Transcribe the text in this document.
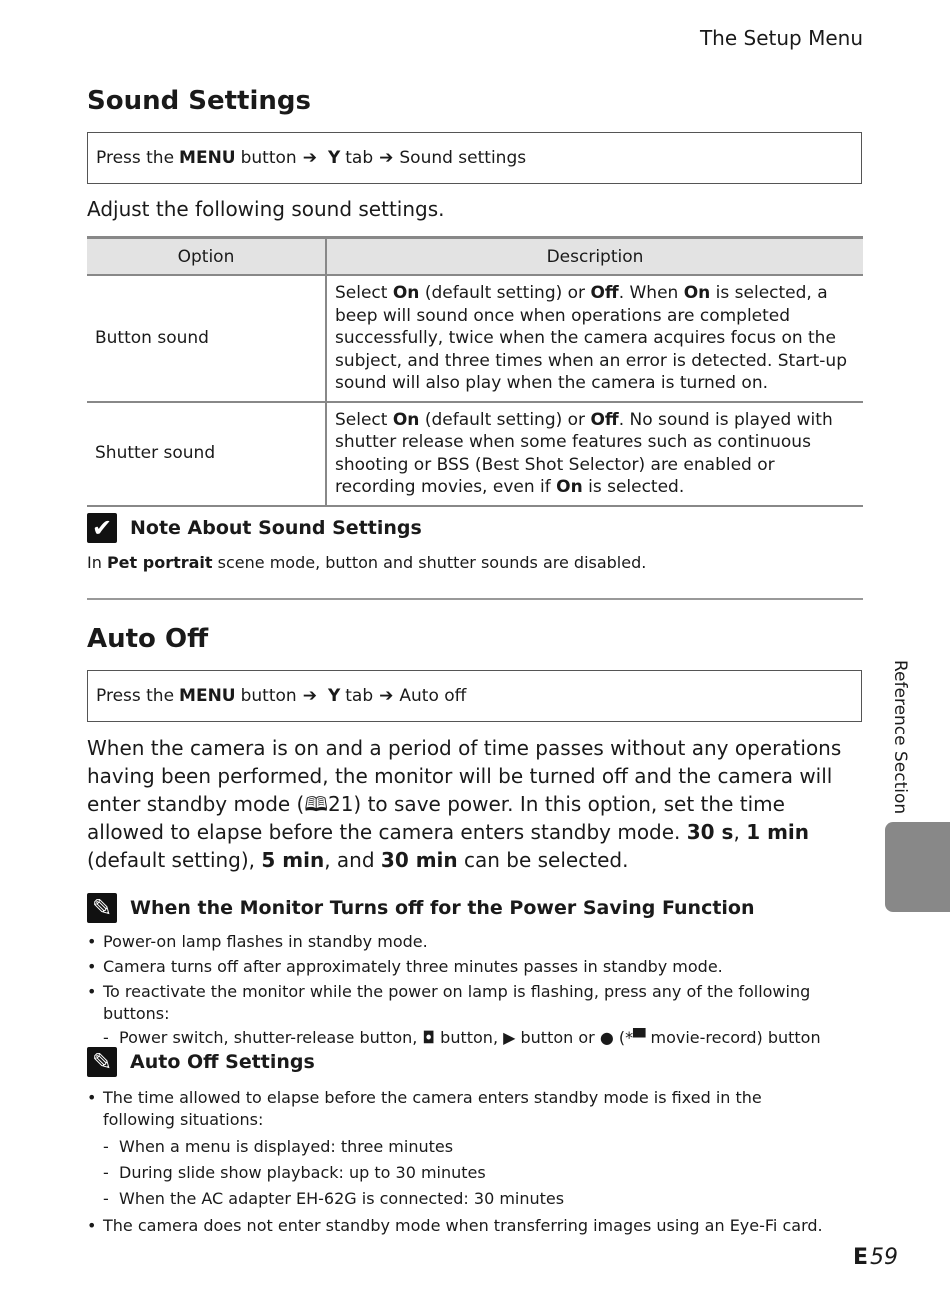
The Setup Menu
Sound Settings
Press the MENU button ➔ Y tab ➔ Sound settings
Adjust the following sound settings.
Option	Description
Button sound	Select On (default setting) or Off. When On is selected, a beep will sound once when operations are completed successfully, twice when the camera acquires focus on the subject, and three times when an error is detected. Start-up sound will also play when the camera is turned on.
Shutter sound	Select On (default setting) or Off. No sound is played with shutter release when some features such as continuous shooting or BSS (Best Shot Selector) are enabled or recording movies, even if On is selected.
✔ Note About Sound Settings
In Pet portrait scene mode, button and shutter sounds are disabled.
Auto Off
Press the MENU button ➔ Y tab ➔ Auto off

When the camera is on and a period of time passes without any operations having been performed, the monitor will be turned off and the camera will enter standby mode (🕮21) to save power. In this option, set the time allowed to elapse before the camera enters standby mode. 30 s, 1 min (default setting), 5 min, and 30 min can be selected.

✎ When the Monitor Turns off for the Power Saving Function
• Power-on lamp flashes in standby mode.
• Camera turns off after approximately three minutes passes in standby mode.
• To reactivate the monitor while the power on lamp is flashing, press any of the following buttons:
- Power switch, shutter-release button, ◘ button, ▶ button or ● (*▀ movie-record) button
✎ Auto Off Settings
• The time allowed to elapse before the camera enters standby mode is fixed in the following situations:
- When a menu is displayed: three minutes
- During slide show playback: up to 30 minutes
- When the AC adapter EH-62G is connected: 30 minutes
• The camera does not enter standby mode when transferring images using an Eye-Fi card.
Reference Section
E 59
